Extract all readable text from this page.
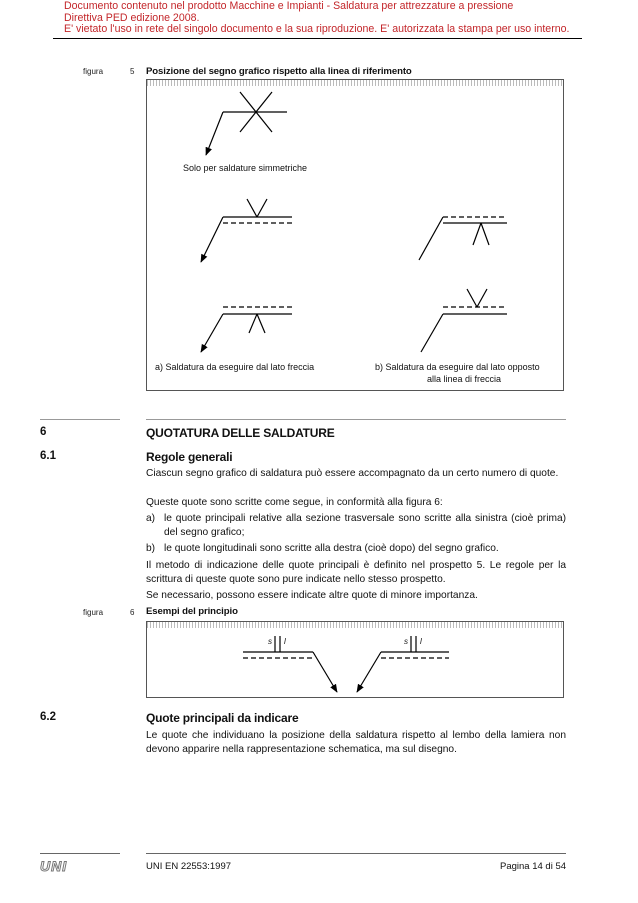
Documento contenuto nel prodotto Macchine e Impianti - Saldatura per attrezzature a pressione
Direttiva PED edizione 2008.
E' vietato l'uso in rete del singolo documento e la sua riproduzione. E' autorizzata la stampa per uso interno.
figura	5 Posizione del segno grafico rispetto alla linea di riferimento
Solo per saldature simmetriche
a) Saldatura da eseguire dal lato freccia	b) Saldatura da eseguire dal lato opposto
alla linea di freccia
6	QUOTATURA DELLE SALDATURE
6.1	Regole generali
Ciascun segno grafico di saldatura può essere accompagnato da un certo numero di quote.
Queste quote sono scritte come segue, in conformità alla figura 6:
a) le quote principali relative alla sezione trasversale sono scritte alla sinistra (cioè prima) del segno grafico;
b) le quote longitudinali sono scritte alla destra (cioè dopo) del segno grafico.
Il metodo di indicazione delle quote principali è definito nel prospetto 5. Le regole per la scrittura di queste quote sono pure indicate nello stesso prospetto.
Se necessario, possono essere indicate altre quote di minore importanza.
figura	6 Esempi del principio
s l	s l
6.2	Quote principali da indicare
Le quote che individuano la posizione della saldatura rispetto al lembo della lamiera non devono apparire nella rappresentazione schematica, ma sul disegno.
UNI	UNI EN 22553:1997	Pagina 14 di 54
